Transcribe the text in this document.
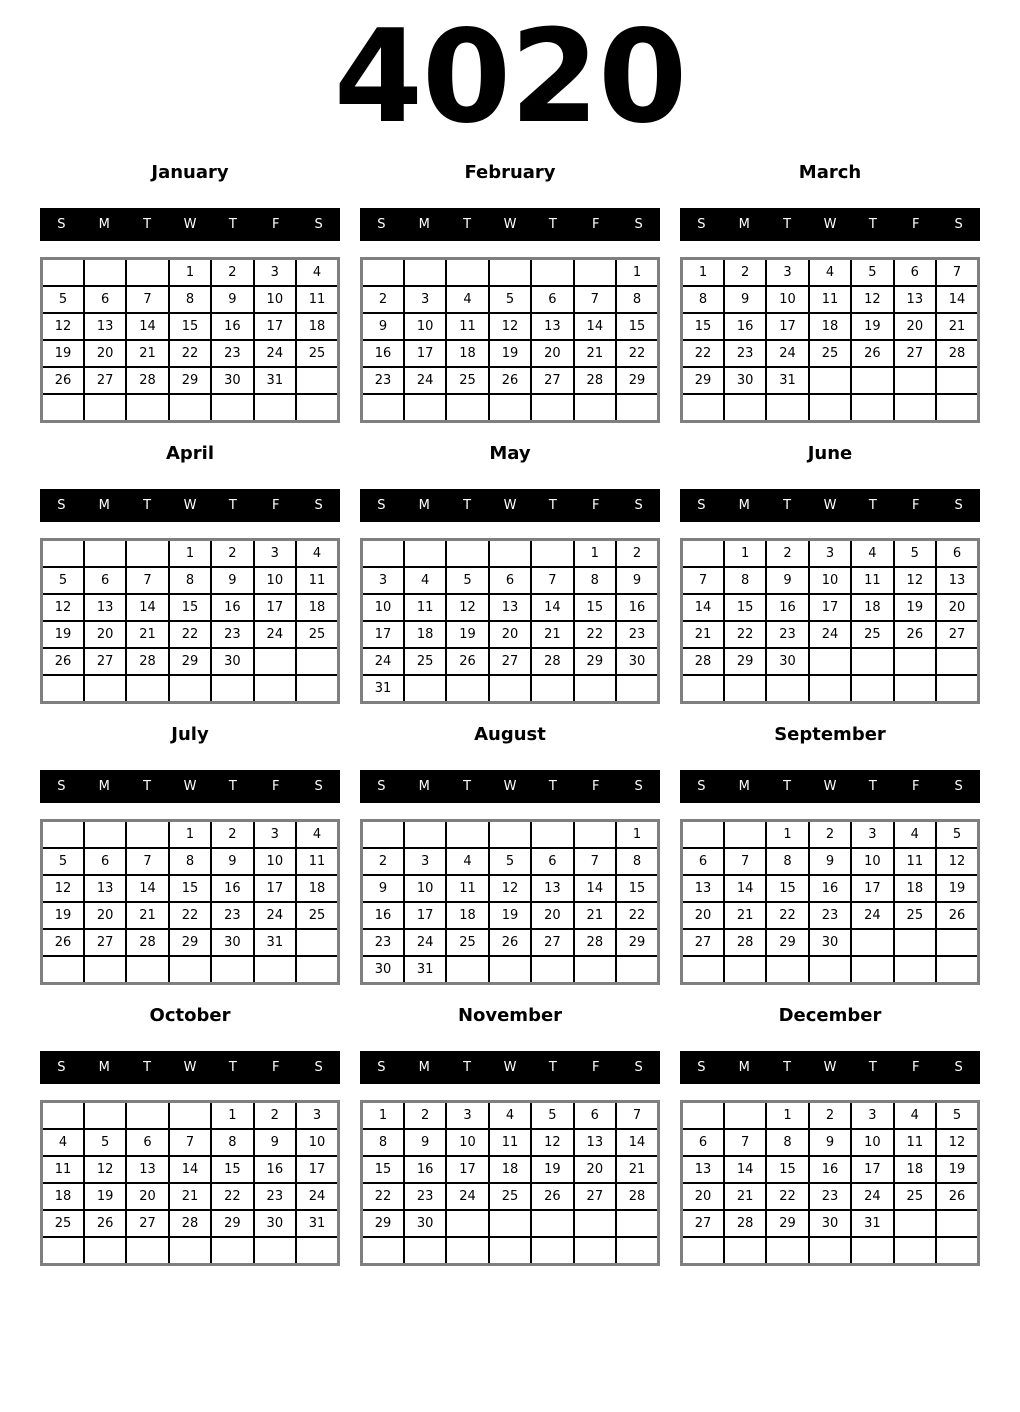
4020
January
S	M	T	W	T	F	S
			1	2	3	4
5	6	7	8	9	10	11
12	13	14	15	16	17	18
19	20	21	22	23	24	25
26	27	28	29	30	31	

February
S	M	T	W	T	F	S
						1
2	3	4	5	6	7	8
9	10	11	12	13	14	15
16	17	18	19	20	21	22
23	24	25	26	27	28	29

March
S	M	T	W	T	F	S
1	2	3	4	5	6	7
8	9	10	11	12	13	14
15	16	17	18	19	20	21
22	23	24	25	26	27	28
29	30	31				

April
S	M	T	W	T	F	S
			1	2	3	4
5	6	7	8	9	10	11
12	13	14	15	16	17	18
19	20	21	22	23	24	25
26	27	28	29	30		

May
S	M	T	W	T	F	S
					1	2
3	4	5	6	7	8	9
10	11	12	13	14	15	16
17	18	19	20	21	22	23
24	25	26	27	28	29	30
31						
June
S	M	T	W	T	F	S
	1	2	3	4	5	6
7	8	9	10	11	12	13
14	15	16	17	18	19	20
21	22	23	24	25	26	27
28	29	30				

July
S	M	T	W	T	F	S
			1	2	3	4
5	6	7	8	9	10	11
12	13	14	15	16	17	18
19	20	21	22	23	24	25
26	27	28	29	30	31	

August
S	M	T	W	T	F	S
						1
2	3	4	5	6	7	8
9	10	11	12	13	14	15
16	17	18	19	20	21	22
23	24	25	26	27	28	29
30	31					
September
S	M	T	W	T	F	S
		1	2	3	4	5
6	7	8	9	10	11	12
13	14	15	16	17	18	19
20	21	22	23	24	25	26
27	28	29	30			

October
S	M	T	W	T	F	S
				1	2	3
4	5	6	7	8	9	10
11	12	13	14	15	16	17
18	19	20	21	22	23	24
25	26	27	28	29	30	31

November
S	M	T	W	T	F	S
1	2	3	4	5	6	7
8	9	10	11	12	13	14
15	16	17	18	19	20	21
22	23	24	25	26	27	28
29	30					

December
S	M	T	W	T	F	S
		1	2	3	4	5
6	7	8	9	10	11	12
13	14	15	16	17	18	19
20	21	22	23	24	25	26
27	28	29	30	31		
